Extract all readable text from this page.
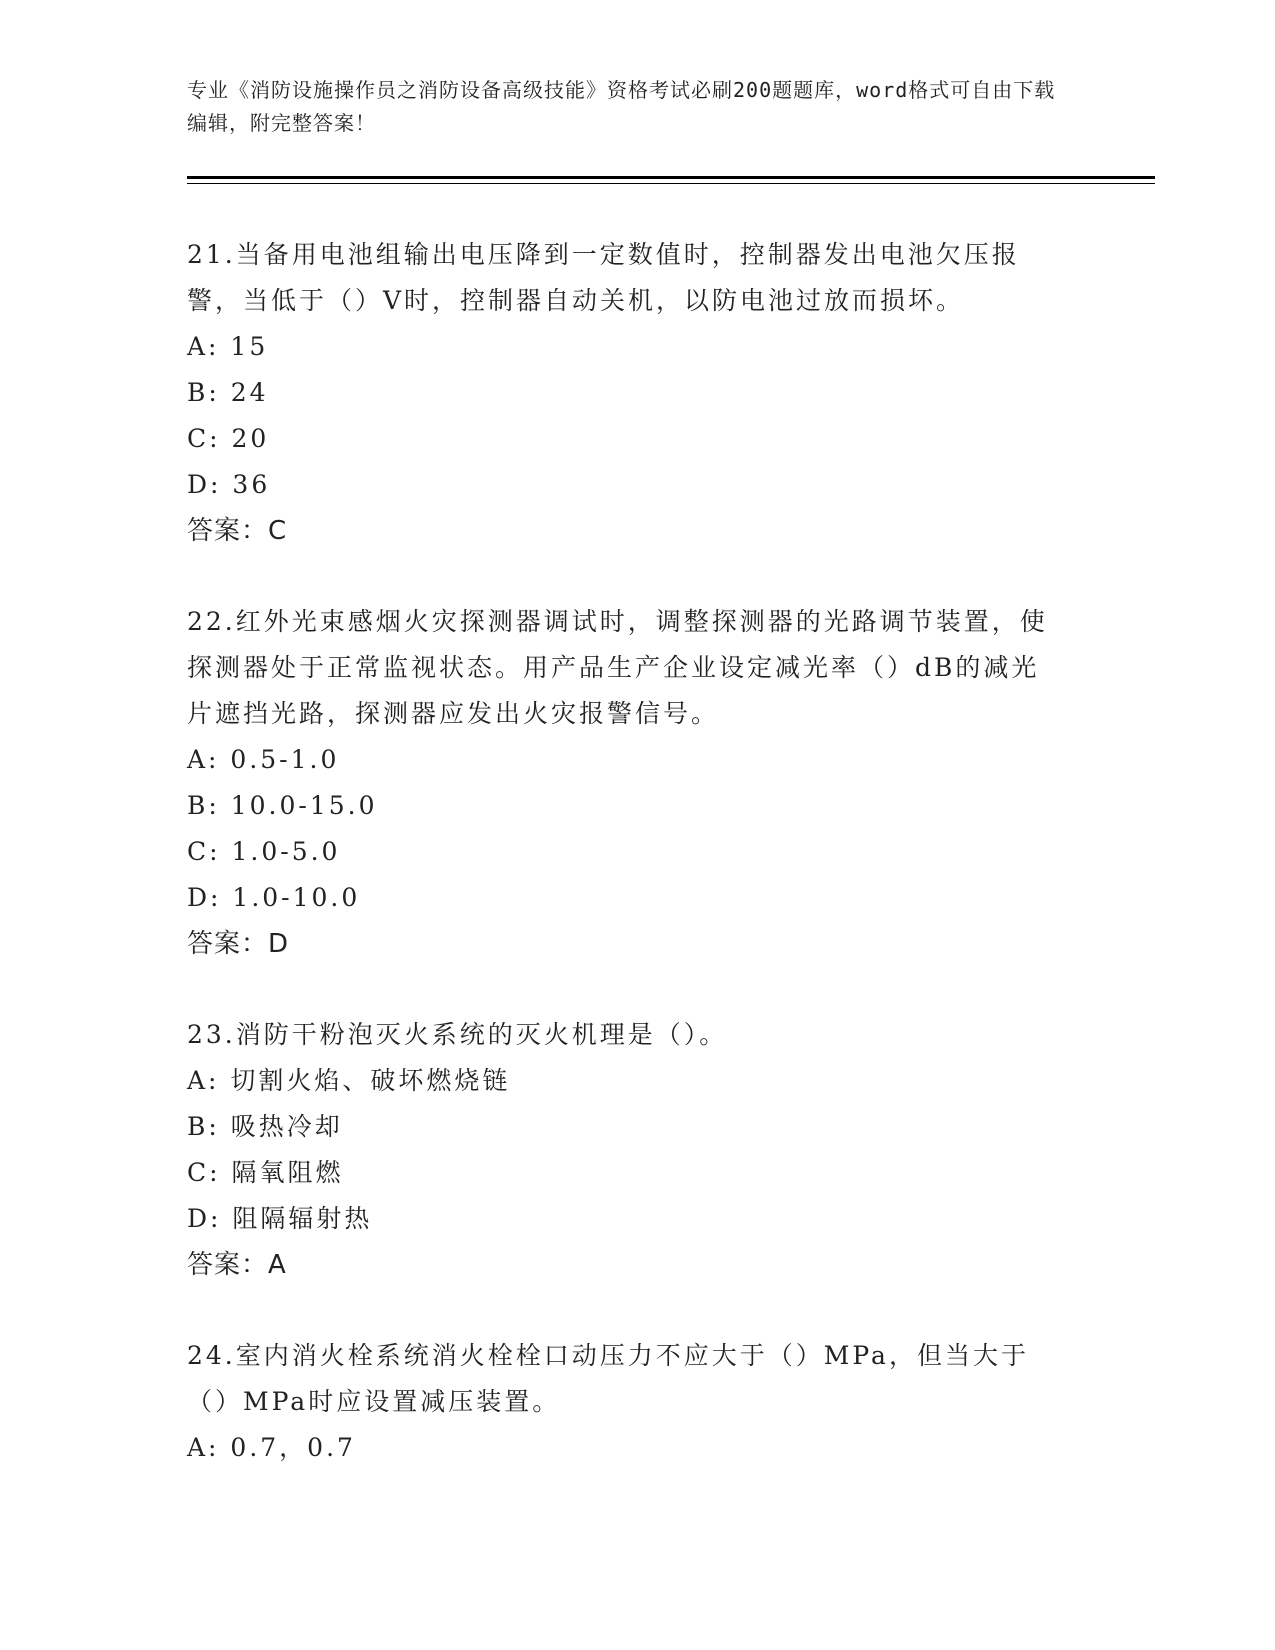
专业《消防设施操作员之消防设备高级技能》资格考试必刷200题题库，word格式可自由下载编辑，附完整答案！
21.当备用电池组输出电压降到一定数值时，控制器发出电池欠压报警，当低于（）V时，控制器自动关机，以防电池过放而损坏。
A: 15
B: 24
C: 20
D: 36
答案：C
22.红外光束感烟火灾探测器调试时，调整探测器的光路调节装置，使探测器处于正常监视状态。用产品生产企业设定减光率（）dB的减光片遮挡光路，探测器应发出火灾报警信号。
A: 0.5-1.0
B: 10.0-15.0
C: 1.0-5.0
D: 1.0-10.0
答案：D
23.消防干粉泡灭火系统的灭火机理是（）。
A: 切割火焰、破坏燃烧链
B: 吸热冷却
C: 隔氧阻燃
D: 阻隔辐射热
答案：A
24.室内消火栓系统消火栓栓口动压力不应大于（）MPa，但当大于（）MPa时应设置减压装置。
A: 0.7，0.7
